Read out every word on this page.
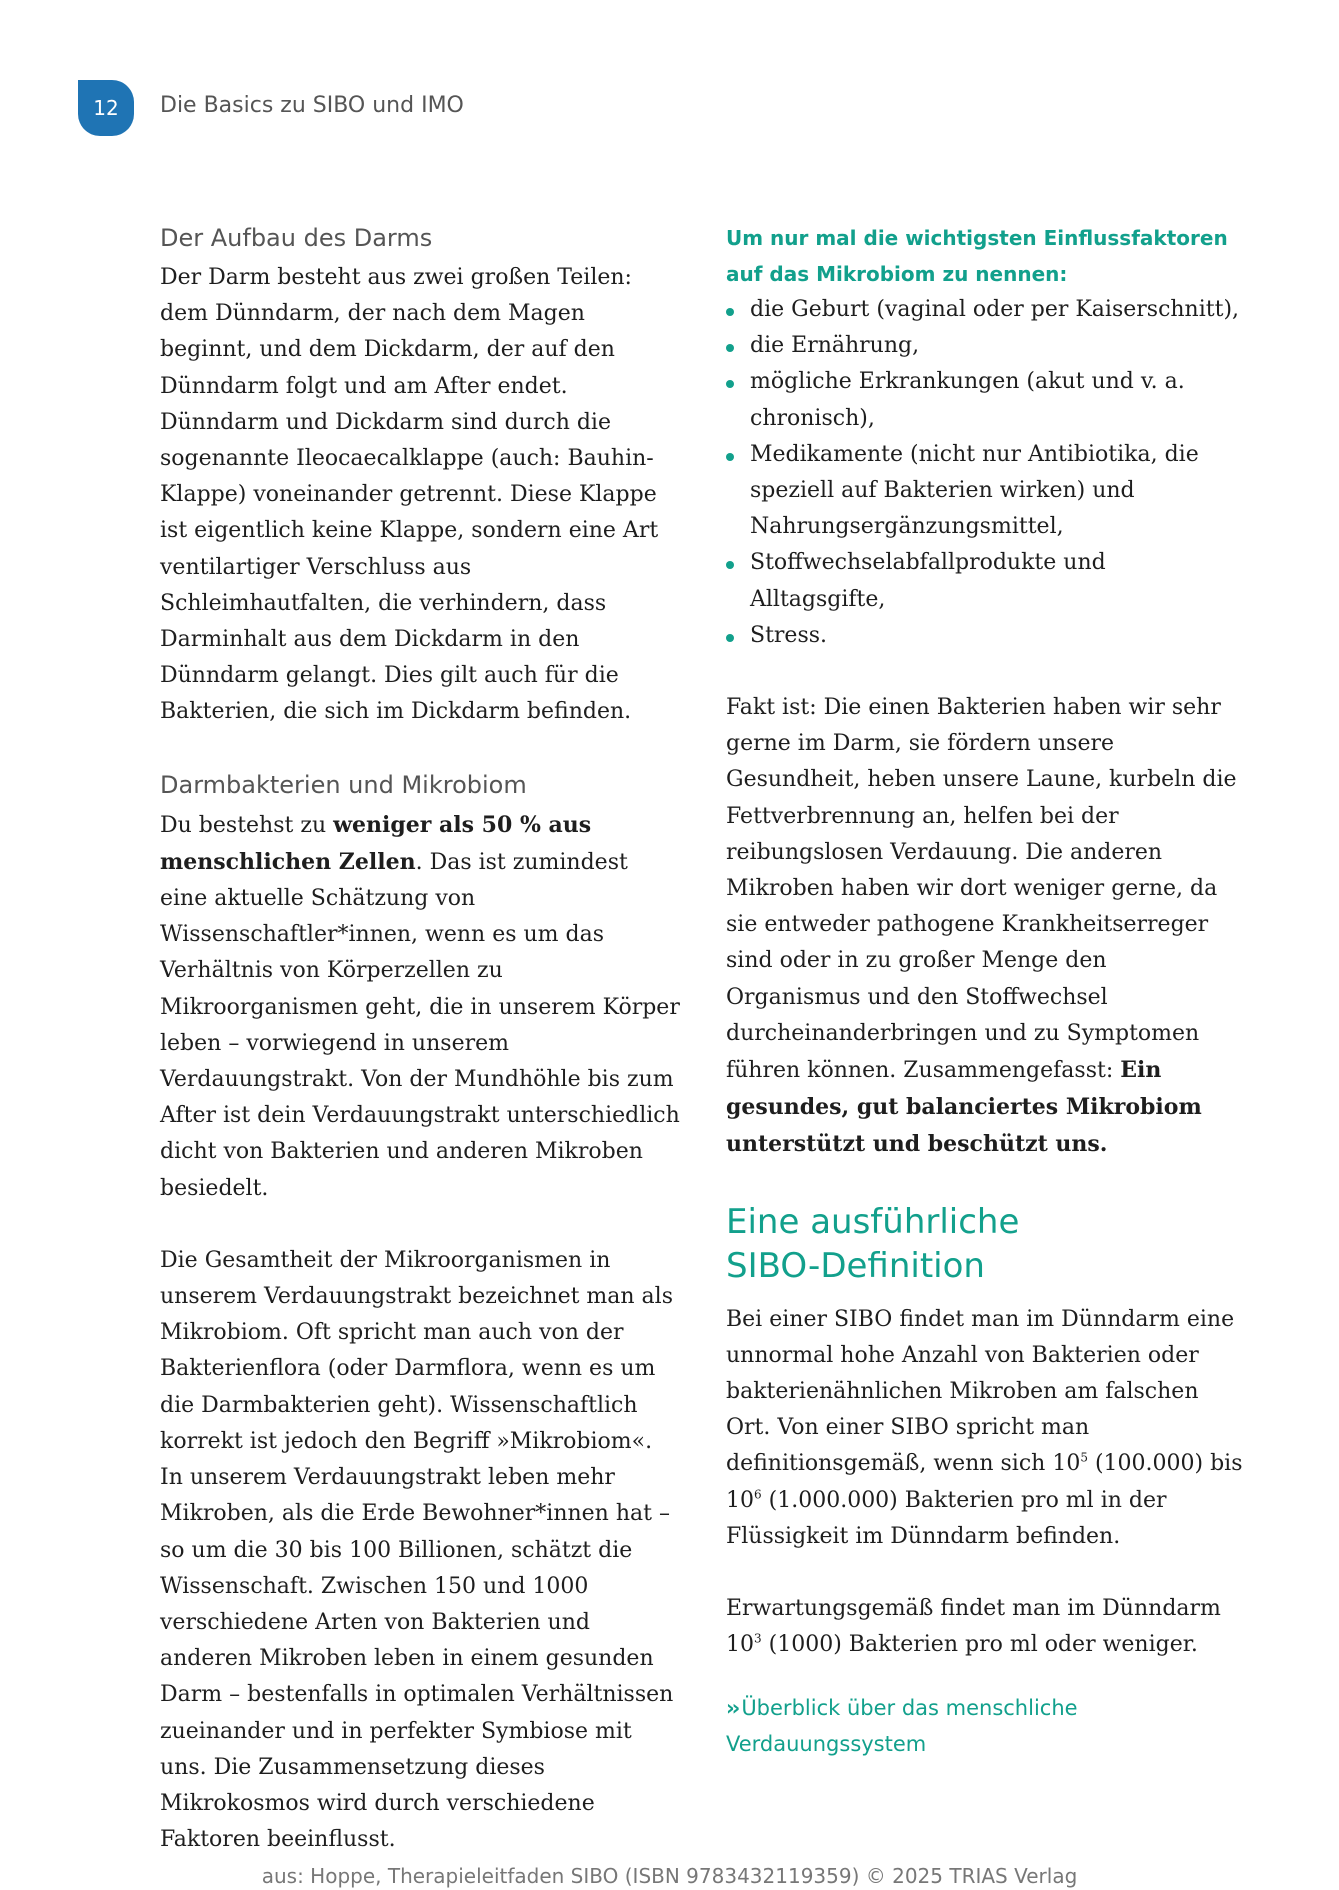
12 Die Basics zu SIBO und IMO
Der Aufbau des Darms

Der Darm besteht aus zwei großen Teilen: dem Dünndarm, der nach dem Magen beginnt, und dem Dickdarm, der auf den Dünndarm folgt und am After endet. Dünndarm und Dickdarm sind durch die sogenannte Ileocaecalklappe (auch: Bauhin-Klappe) voneinander getrennt. Diese Klappe ist eigentlich keine Klappe, sondern eine Art ventilartiger Verschluss aus Schleimhautfalten, die verhindern, dass Darminhalt aus dem Dickdarm in den Dünndarm gelangt. Dies gilt auch für die Bakterien, die sich im Dickdarm befinden.

Darmbakterien und Mikrobiom

Du bestehst zu weniger als 50 % aus menschlichen Zellen. Das ist zumindest eine aktuelle Schätzung von Wissenschaftler*innen, wenn es um das Verhältnis von Körperzellen zu Mikroorganismen geht, die in unserem Körper leben – vorwiegend in unserem Verdauungstrakt. Von der Mundhöhle bis zum After ist dein Verdauungstrakt unterschiedlich dicht von Bakterien und anderen Mikroben besiedelt.

Die Gesamtheit der Mikroorganismen in unserem Verdauungstrakt bezeichnet man als Mikrobiom. Oft spricht man auch von der Bakterienflora (oder Darmflora, wenn es um die Darmbakterien geht). Wissenschaftlich korrekt ist jedoch den Begriff »Mikrobiom«. In unserem Verdauungstrakt leben mehr Mikroben, als die Erde Bewohner*innen hat – so um die 30 bis 100 Billionen, schätzt die Wissenschaft. Zwischen 150 und 1000 verschiedene Arten von Bakterien und anderen Mikroben leben in einem gesunden Darm – bestenfalls in optimalen Verhältnissen zueinander und in perfekter Symbiose mit uns. Die Zusammensetzung dieses Mikrokosmos wird durch verschiedene Faktoren beeinflusst.

Um nur mal die wichtigsten Einflussfaktoren auf das Mikrobiom zu nennen:

die Geburt (vaginal oder per Kaiserschnitt),
die Ernährung,
mögliche Erkrankungen (akut und v. a. chronisch),
Medikamente (nicht nur Antibiotika, die speziell auf Bakterien wirken) und Nahrungsergänzungsmittel,
Stoffwechselabfallprodukte und Alltagsgifte,
Stress.

Fakt ist: Die einen Bakterien haben wir sehr gerne im Darm, sie fördern unsere Gesundheit, heben unsere Laune, kurbeln die Fettverbrennung an, helfen bei der reibungslosen Verdauung. Die anderen Mikroben haben wir dort weniger gerne, da sie entweder pathogene Krankheitserreger sind oder in zu großer Menge den Organismus und den Stoffwechsel durcheinanderbringen und zu Symptomen führen können. Zusammengefasst: Ein gesundes, gut balanciertes Mikrobiom unterstützt und beschützt uns.

Eine ausführliche
SIBO-Definition

Bei einer SIBO findet man im Dünndarm eine unnormal hohe Anzahl von Bakterien oder bakterienähnlichen Mikroben am falschen Ort. Von einer SIBO spricht man definitionsgemäß, wenn sich $10^5$ (100.000) bis $10^6$ (1.000.000) Bakterien pro ml in der Flüssigkeit im Dünndarm befinden.

Erwartungsgemäß findet man im Dünndarm $10^3$ (1000) Bakterien pro ml oder weniger.

›› Überblick über das menschliche Verdauungssystem
aus: Hoppe, Therapieleitfaden SIBO (ISBN 9783432119359) © 2025 TRIAS Verlag
